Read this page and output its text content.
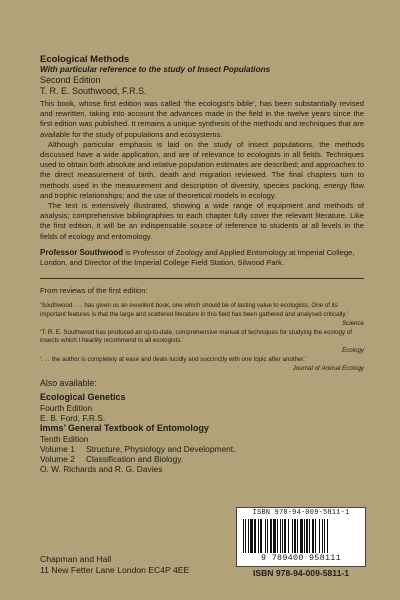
Ecological Methods
With particular reference to the study of Insect Populations
Second Edition
T. R. E. Southwood, F.R.S.

This book, whose first edition was called ‘the ecologist’s bible’, has been substantially revised and rewritten, taking into account the advances made in the field in the twelve years since the first edition was published. It remains a unique synthesis of the methods and techniques that are available for the study of populations and ecosystems.

Although particular emphasis is laid on the study of insect populations, the methods discussed have a wide application, and are of relevance to ecologists in all fields. Techniques used to obtain both absolute and relative population estimates are described; and approaches to the direct measurement of birth, death and migration reviewed. The final chapters turn to methods used in the measurement and description of diversity, species packing, energy flow and trophic relationships; and the use of theoretical models in ecology.

The text is extensively illustrated, showing a wide range of equipment and methods of analysis; comprehensive bibliographies to each chapter fully cover the relevant literature. Like the first edition, it will be an indispensable source of reference to students at all levels in the fields of ecology and entomology.

Professor Southwood is Professor of Zoology and Applied Entomology at Imperial College, London, and Director of the Imperial College Field Station, Silwood Park.
From reviews of the first edition:
‘Southwood . . . has given us an excellent book, one which should be of lasting value to ecologists. One of its important features is that the large and scattered literature in this field has been gathered and analysed critically.’
Science
‘T. R. E. Southwood has produced an up-to-date, comprehensive manual of techniques for studying the ecology of insects which I heartily recommend to all ecologists.’
Ecology
‘. . . the author is completely at ease and deals lucidly and succinctly with one topic after another.’
Journal of Animal Ecology
Also available:
Ecological Genetics
Fourth Edition
E. B. Ford, F.R.S.
Imms’ General Textbook of Entomology
Tenth Edition
Volume 1	Structure, Physiology and Development.
Volume 2	Classification and Biology.
O. W. Richards and R. G. Davies
Chapman and Hall
11 New Fetter Lane London EC4P 4EE
ISBN 978-94-009-5811-1
9 789400 958111
ISBN 978-94-009-5811-1
